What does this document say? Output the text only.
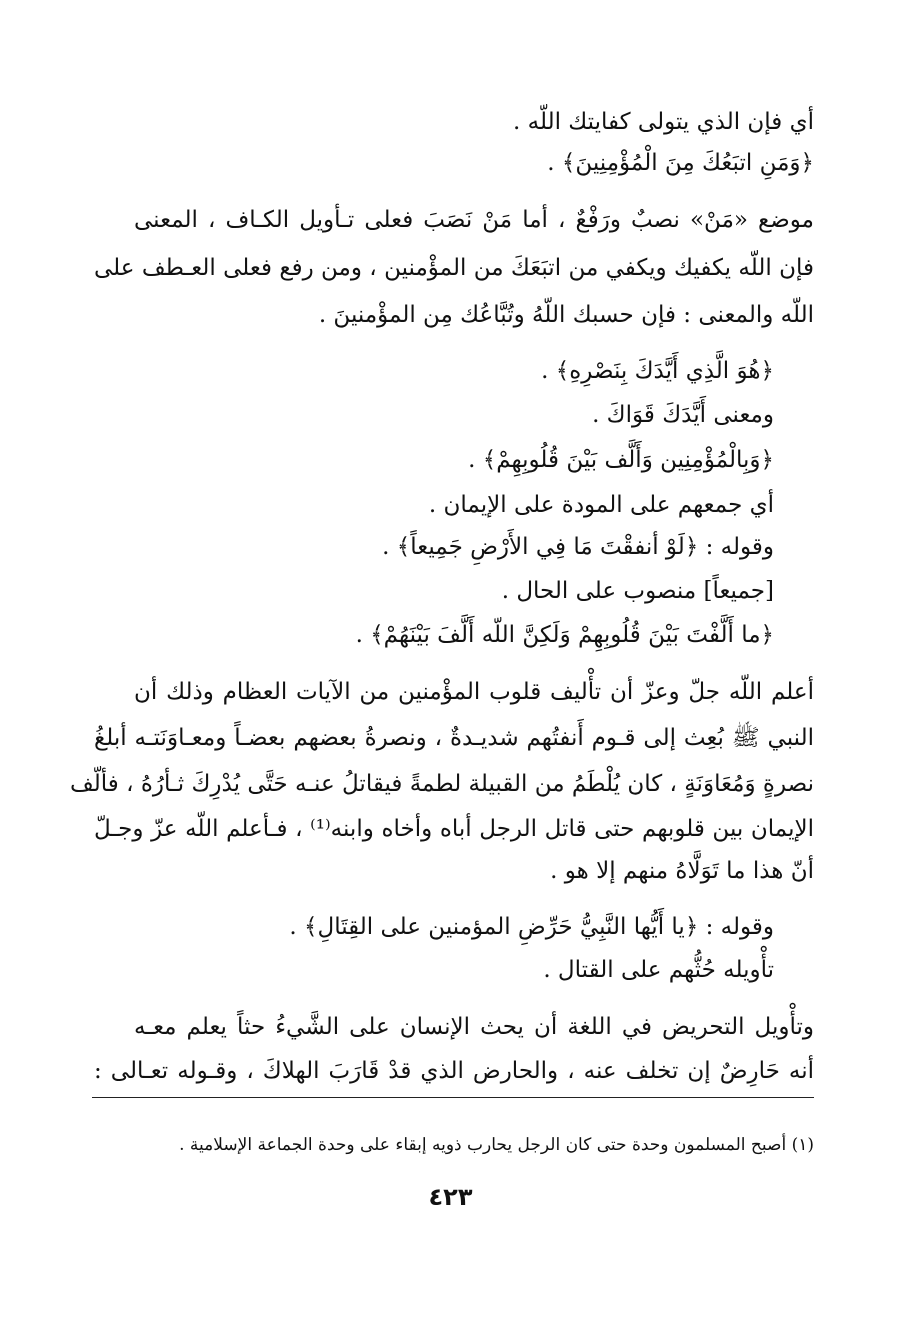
أي فإن الذي يتولى كفايتك اللّه .

﴿وَمَنِ اتبَعُكَ مِنَ الْمُؤْمِنِينَ﴾ .

موضع «مَنْ» نصبٌ ورَفْعٌ ، أما مَنْ نَصَبَ فعلى تـأويل الكـاف ، المعنى

فإن اللّه يكفيك ويكفي من اتبَعَكَ من المؤْمنين ، ومن رفع فعلى العـطف على

اللّه والمعنى : فإن حسبك اللّهُ وتُبَّاعُك مِن المؤْمنينَ .

﴿هُوَ الَّذِي أَيَّدَكَ بِنَصْرِهِ﴾ .

ومعنى أَيَّدَكَ قَوَاكَ .

﴿وَبِالْمُؤْمِنِين وَأَلَّف بَيْنَ قُلُوبِهِمْ﴾ .

أي جمعهم على المودة على الإيمان .

وقوله : ﴿لَوْ أنفقْتَ مَا فِي الأَرْضِ جَمِيعاً﴾ .

[جميعاً] منصوب على الحال .

﴿ما أَلَّفْتَ بَيْنَ قُلُوبِهِمْ وَلَكِنَّ اللّه أَلَّفَ بَيْنَهُمْ﴾ .

أعلم اللّه جلّ وعزّ أن تأْليف قلوب المؤْمنين من الآيات العظام وذلك أن

النبي ﷺ بُعِث إلى قـوم أَنفتُهم شديـدةٌ ، ونصرةُ بعضهم بعضـاً ومعـاوَنَتـه أبلغُ

نصرةٍ وَمُعَاوَنَةٍ ، كان يُلْطَمُ من القبيلة لطمةً فيقاتلُ عنـه حَتَّى يُدْرِكَ ثـأرُهُ ، فألّف

الإيمان بين قلوبهم حتى قاتل الرجل أباه وأخاه وابنه⁽¹⁾ ، فـأعلم اللّه عزّ وجـلّ

أنّ هذا ما تَوَلَّاهُ منهم إلا هو .

وقوله : ﴿يا أَيُّها النَّبِيُّ حَرِّضِ المؤمنين على القِتَالِ﴾ .

تأْويله حُثُّهم على القتال .

وتأْويل التحريض في اللغة أن يحث الإنسان على الشَّيءُ حثاً يعلم معـه

أنه حَارِضٌ إن تخلف عنه ، والحارض الذي قدْ قَارَبَ الهلاكَ ، وقـوله تعـالى :

(١) أصبح المسلمون وحدة حتى كان الرجل يحارب ذويه إبقاء على وحدة الجماعة الإسلامية .

٤٢٣
